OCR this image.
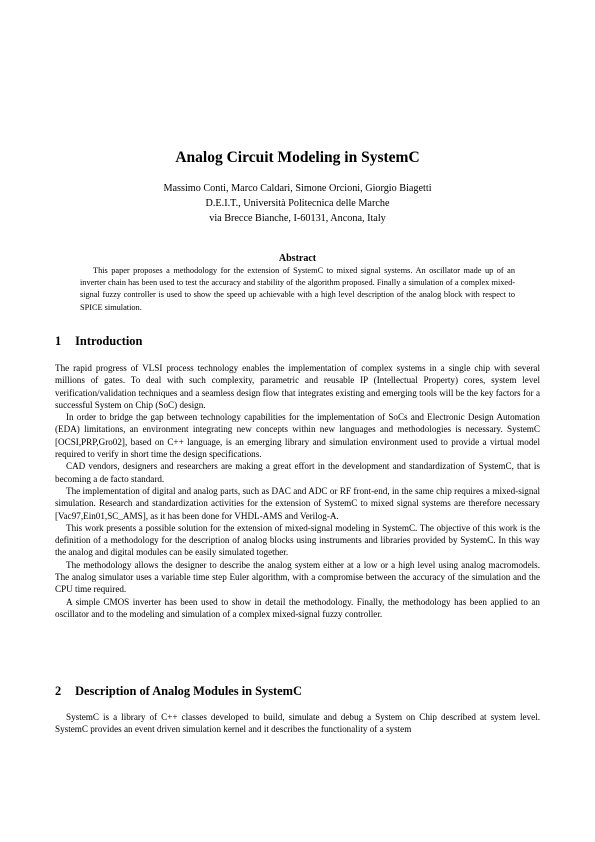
Analog Circuit Modeling in SystemC
Massimo Conti, Marco Caldari, Simone Orcioni, Giorgio Biagetti
D.E.I.T., Università Politecnica delle Marche
via Brecce Bianche, I-60131, Ancona, Italy
Abstract

This paper proposes a methodology for the extension of SystemC to mixed signal systems. An oscillator made up of an inverter chain has been used to test the accuracy and stability of the algorithm proposed. Finally a simulation of a complex mixed-signal fuzzy controller is used to show the speed up achievable with a high level description of the analog block with respect to SPICE simulation.

1 Introduction

The rapid progress of VLSI process technology enables the implementation of complex systems in a single chip with several millions of gates. To deal with such complexity, parametric and reusable IP (Intellectual Property) cores, system level verification/validation techniques and a seamless design flow that integrates existing and emerging tools will be the key factors for a successful System on Chip (SoC) design.

In order to bridge the gap between technology capabilities for the implementation of SoCs and Electronic Design Automation (EDA) limitations, an environment integrating new concepts within new languages and methodologies is necessary. SystemC [OCSI,PRP,Gro02], based on C++ language, is an emerging library and simulation environment used to provide a virtual model required to verify in short time the design specifications.

CAD vendors, designers and researchers are making a great effort in the development and standardization of SystemC, that is becoming a de facto standard.

The implementation of digital and analog parts, such as DAC and ADC or RF front-end, in the same chip requires a mixed-signal simulation. Research and standardization activities for the extension of SystemC to mixed signal systems are therefore necessary [Vac97,Ein01,SC_AMS], as it has been done for VHDL-AMS and Verilog-A.

This work presents a possible solution for the extension of mixed-signal modeling in SystemC. The objective of this work is the definition of a methodology for the description of analog blocks using instruments and libraries provided by SystemC. In this way the analog and digital modules can be easily simulated together.

The methodology allows the designer to describe the analog system either at a low or a high level using analog macromodels. The analog simulator uses a variable time step Euler algorithm, with a compromise between the accuracy of the simulation and the CPU time required.

A simple CMOS inverter has been used to show in detail the methodology. Finally, the methodology has been applied to an oscillator and to the modeling and simulation of a complex mixed-signal fuzzy controller.

2 Description of Analog Modules in SystemC

SystemC is a library of C++ classes developed to build, simulate and debug a System on Chip described at system level. SystemC provides an event driven simulation kernel and it describes the functionality of a system
